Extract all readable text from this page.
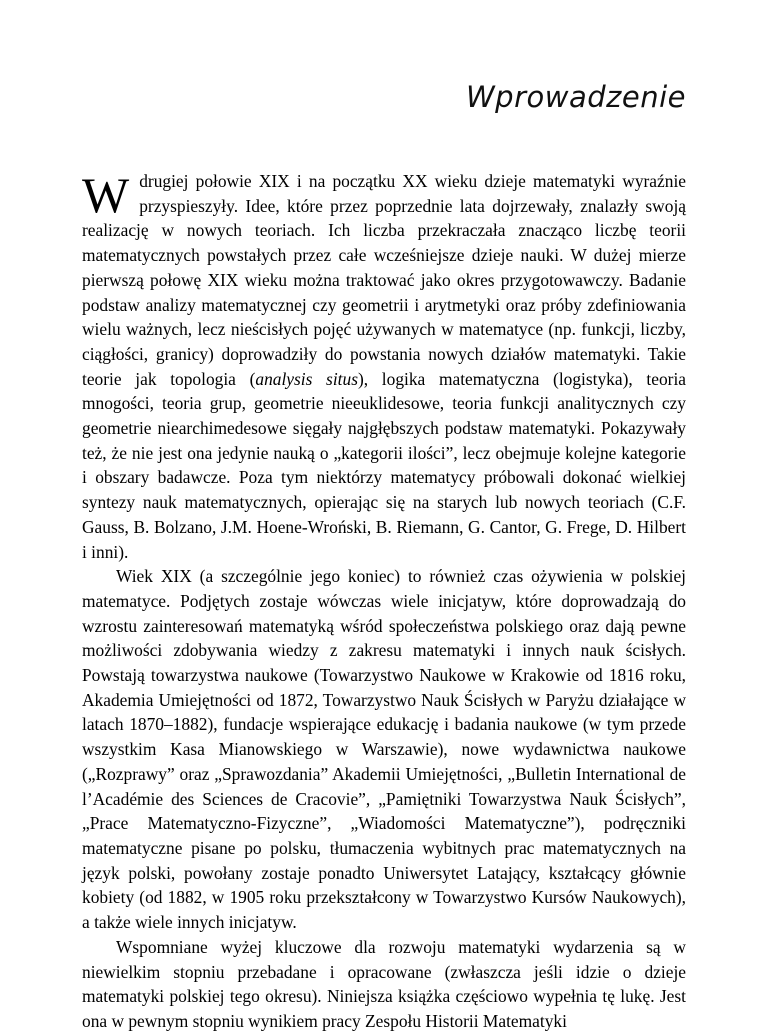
Wprowadzenie

Wdrugiej połowie XIX i na początku XX wieku dzieje matematyki wyraźnie przyspieszyły. Idee, które przez poprzednie lata dojrzewały, znalazły swoją realizację w nowych teoriach. Ich liczba przekraczała znacząco liczbę teorii matematycznych powstałych przez całe wcześniejsze dzieje nauki. W dużej mierze pierwszą połowę XIX wieku można traktować jako okres przygotowawczy. Badanie podstaw analizy matematycznej czy geometrii i arytmetyki oraz próby zdefiniowania wielu ważnych, lecz nieścisłych pojęć używanych w matematyce (np. funkcji, liczby, ciągłości, granicy) doprowadziły do powstania nowych działów matematyki. Takie teorie jak topologia (analysis situs), logika matematyczna (logistyka), teoria mnogości, teoria grup, geometrie nieeuklidesowe, teoria funkcji analitycznych czy geometrie niearchimedesowe sięgały najgłębszych podstaw matematyki. Pokazywały też, że nie jest ona jedynie nauką o „kategorii ilości”, lecz obejmuje kolejne kategorie i obszary badawcze. Poza tym niektórzy matematycy próbowali dokonać wielkiej syntezy nauk matematycznych, opierając się na starych lub nowych teoriach (C.F. Gauss, B. Bolzano, J.M. Hoene-Wroński, B. Riemann, G. Cantor, G. Frege, D. Hilbert i inni).

Wiek XIX (a szczególnie jego koniec) to również czas ożywienia w polskiej matematyce. Podjętych zostaje wówczas wiele inicjatyw, które doprowadzają do wzrostu zainteresowań matematyką wśród społeczeństwa polskiego oraz dają pewne możliwości zdobywania wiedzy z zakresu matematyki i innych nauk ścisłych. Powstają towarzystwa naukowe (Towarzystwo Naukowe w Krakowie od 1816 roku, Akademia Umiejętności od 1872, Towarzystwo Nauk Ścisłych w Paryżu działające w latach 1870–1882), fundacje wspierające edukację i badania naukowe (w tym przede wszystkim Kasa Mianowskiego w Warszawie), nowe wydawnictwa naukowe („Rozprawy” oraz „Sprawozdania” Akademii Umiejętności, „Bulletin International de l’Académie des Sciences de Cracovie”, „Pamiętniki Towarzystwa Nauk Ścisłych”, „Prace Matematyczno-Fizyczne”, „Wiadomości Matematyczne”), podręczniki matematyczne pisane po polsku, tłumaczenia wybitnych prac matematycznych na język polski, powołany zostaje ponadto Uniwersytet Latający, kształcący głównie kobiety (od 1882, w 1905 roku przekształcony w Towarzystwo Kursów Naukowych), a także wiele innych inicjatyw.

Wspomniane wyżej kluczowe dla rozwoju matematyki wydarzenia są w niewielkim stopniu przebadane i opracowane (zwłaszcza jeśli idzie o dzieje matematyki polskiej tego okresu). Niniejsza książka częściowo wypełnia tę lukę. Jest ona w pewnym stopniu wynikiem pracy Zespołu Historii Matematyki
